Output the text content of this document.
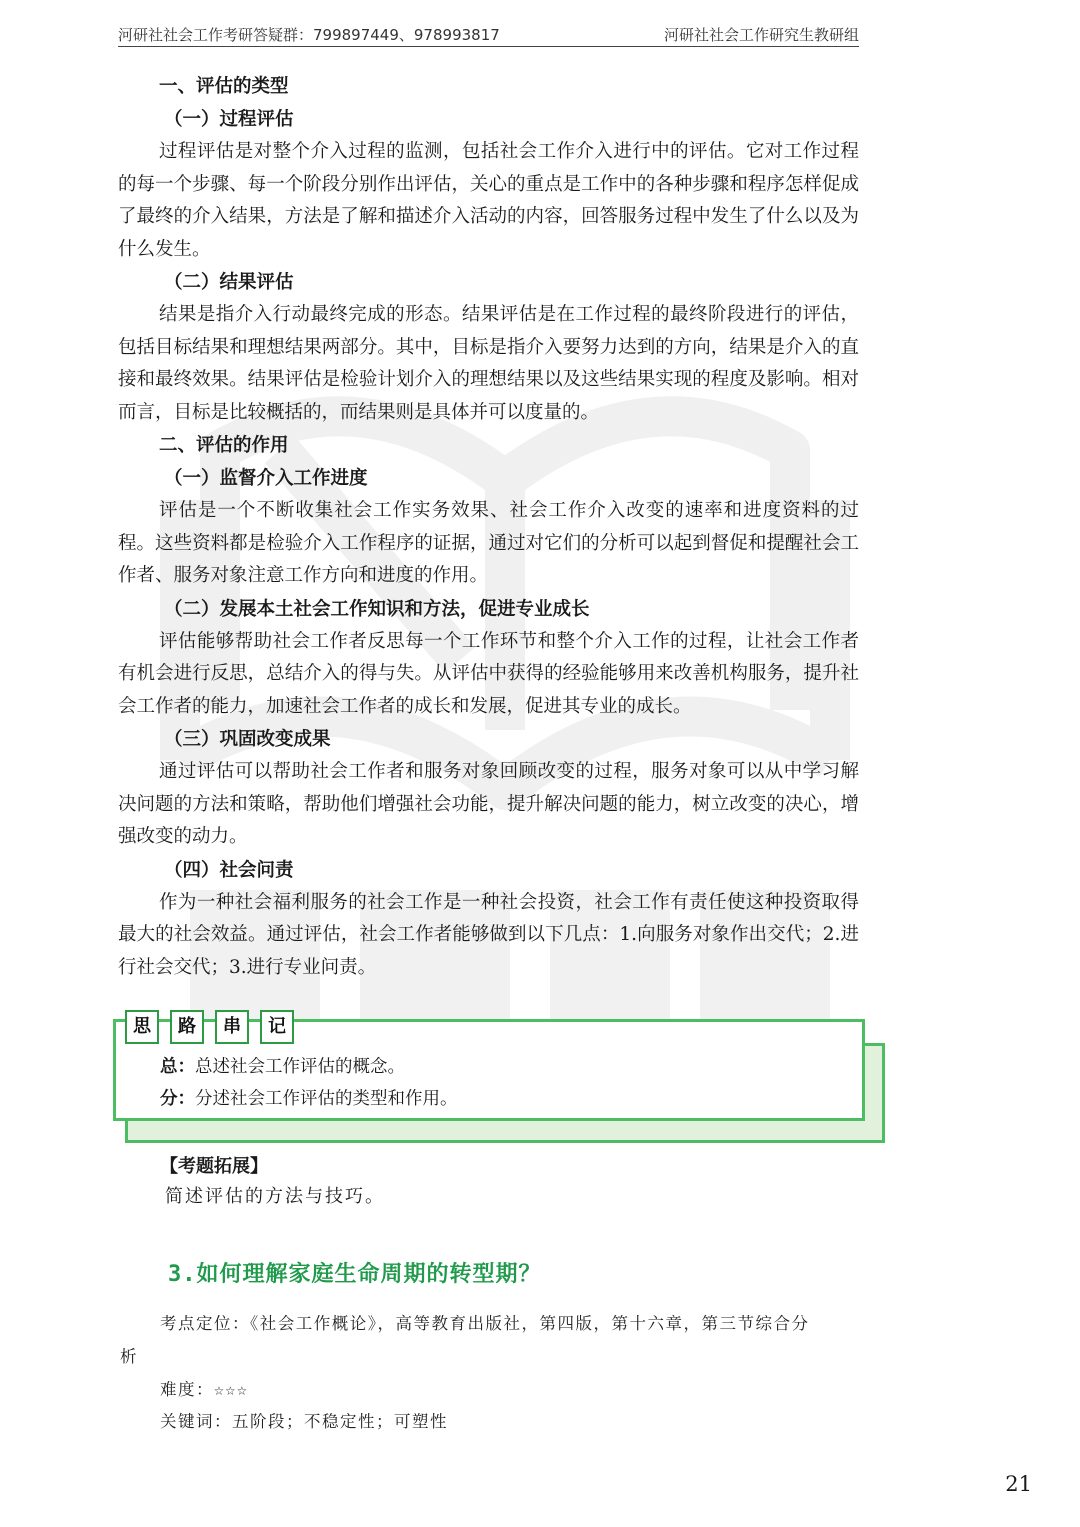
河研社社会工作考研答疑群：799897449、978993817	河研社社会工作研究生教研组
一、评估的类型
（一）过程评估

过程评估是对整个介入过程的监测，包括社会工作介入进行中的评估。它对工作过程的每一个步骤、每一个阶段分别作出评估，关心的重点是工作中的各种步骤和程序怎样促成了最终的介入结果，方法是了解和描述介入活动的内容，回答服务过程中发生了什么以及为什么发生。

（二）结果评估

结果是指介入行动最终完成的形态。结果评估是在工作过程的最终阶段进行的评估，包括目标结果和理想结果两部分。其中，目标是指介入要努力达到的方向，结果是介入的直接和最终效果。结果评估是检验计划介入的理想结果以及这些结果实现的程度及影响。相对而言，目标是比较概括的，而结果则是具体并可以度量的。

二、评估的作用
（一）监督介入工作进度

评估是一个不断收集社会工作实务效果、社会工作介入改变的速率和进度资料的过程。这些资料都是检验介入工作程序的证据，通过对它们的分析可以起到督促和提醒社会工作者、服务对象注意工作方向和进度的作用。

（二）发展本土社会工作知识和方法，促进专业成长

评估能够帮助社会工作者反思每一个工作环节和整个介入工作的过程，让社会工作者有机会进行反思，总结介入的得与失。从评估中获得的经验能够用来改善机构服务，提升社会工作者的能力，加速社会工作者的成长和发展，促进其专业的成长。

（三）巩固改变成果

通过评估可以帮助社会工作者和服务对象回顾改变的过程，服务对象可以从中学习解决问题的方法和策略，帮助他们增强社会功能，提升解决问题的能力，树立改变的决心，增强改变的动力。

（四）社会问责

作为一种社会福利服务的社会工作是一种社会投资，社会工作有责任使这种投资取得最大的社会效益。通过评估，社会工作者能够做到以下几点：1.向服务对象作出交代；2.进行社会交代；3.进行专业问责。

思	路	串	记
总：总述社会工作评估的概念。
分：分述社会工作评估的类型和作用。
【考题拓展】
简述评估的方法与技巧。
3.如何理解家庭生命周期的转型期？
考点定位：《社会工作概论》，高等教育出版社，第四版，第十六章，第三节综合分
析
难度：☆☆☆
关键词：五阶段；不稳定性；可塑性
21
